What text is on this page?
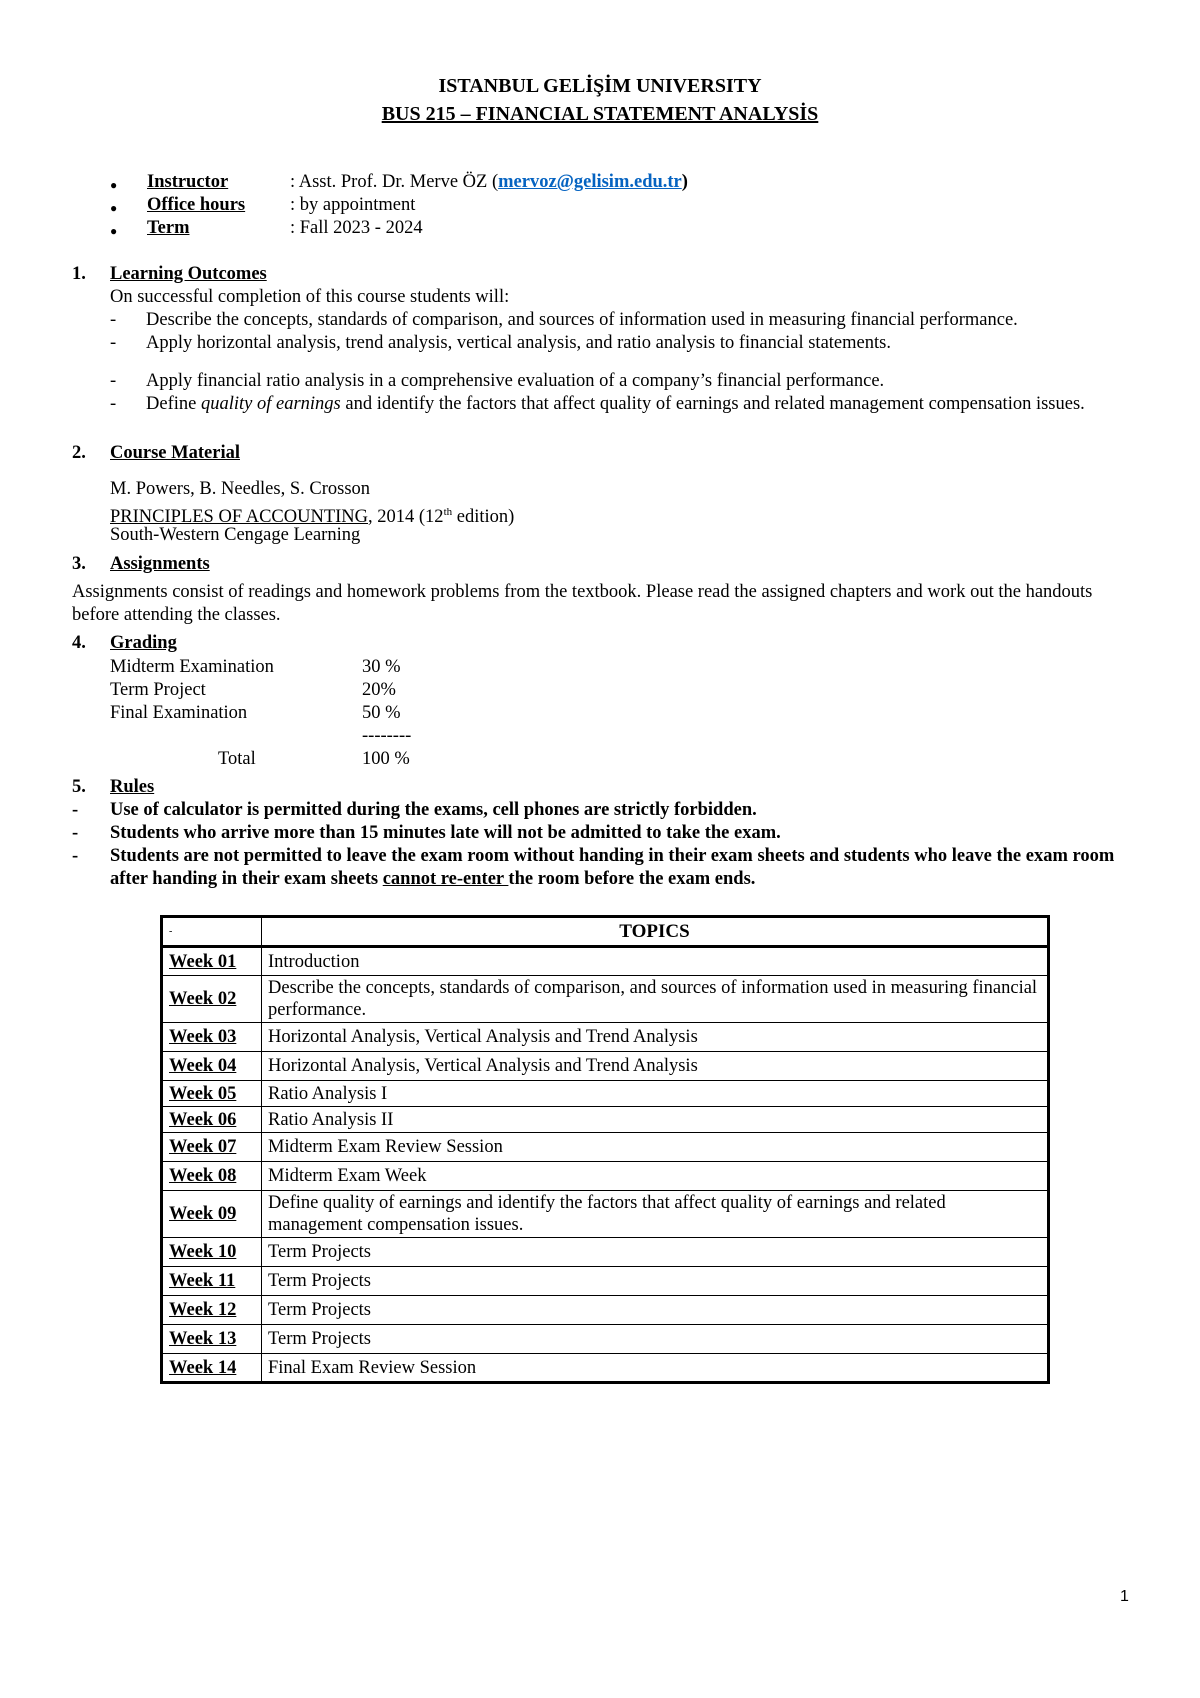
ISTANBUL GELİŞİM UNIVERSITY
BUS 215 – FINANCIAL STATEMENT ANALYSİS
● Instructor	: Asst. Prof. Dr. Merve ÖZ (mervoz@gelisim.edu.tr)
● Office hours : by appointment
● Term	: Fall 2023 - 2024
1. Learning Outcomes
On successful completion of this course students will:
- Describe the concepts, standards of comparison, and sources of information used in measuring financial performance.
- Apply horizontal analysis, trend analysis, vertical analysis, and ratio analysis to financial statements.
- Apply financial ratio analysis in a comprehensive evaluation of a company’s financial performance.
- Define quality of earnings and identify the factors that affect quality of earnings and related management compensation issues.
2. Course Material
M. Powers, B. Needles, S. Crosson
PRINCIPLES OF ACCOUNTING, 2014 (12th edition)
South-Western Cengage Learning
3. Assignments
Assignments consist of readings and homework problems from the textbook. Please read the assigned chapters and work out the handouts before attending the classes.
4. Grading
Midterm Examination	30 %
Term Project	20%
Final Examination	50 %
--------
Total	100 %
5. Rules
- Use of calculator is permitted during the exams, cell phones are strictly forbidden.
- Students who arrive more than 15 minutes late will not be admitted to take the exam.
- Students are not permitted to leave the exam room without handing in their exam sheets and students who leave the exam room after handing in their exam sheets cannot re-enter the room before the exam ends.
-	TOPICS
Week 01	Introduction
Week 02	Describe the concepts, standards of comparison, and sources of information used in measuring financial performance.
Week 03	Horizontal Analysis, Vertical Analysis and Trend Analysis
Week 04	Horizontal Analysis, Vertical Analysis and Trend Analysis
Week 05	Ratio Analysis I
Week 06	Ratio Analysis II
Week 07	Midterm Exam Review Session
Week 08	Midterm Exam Week
Week 09	Define quality of earnings and identify the factors that affect quality of earnings and related management compensation issues.
Week 10	Term Projects
Week 11	Term Projects
Week 12	Term Projects
Week 13	Term Projects
Week 14	Final Exam Review Session
1
